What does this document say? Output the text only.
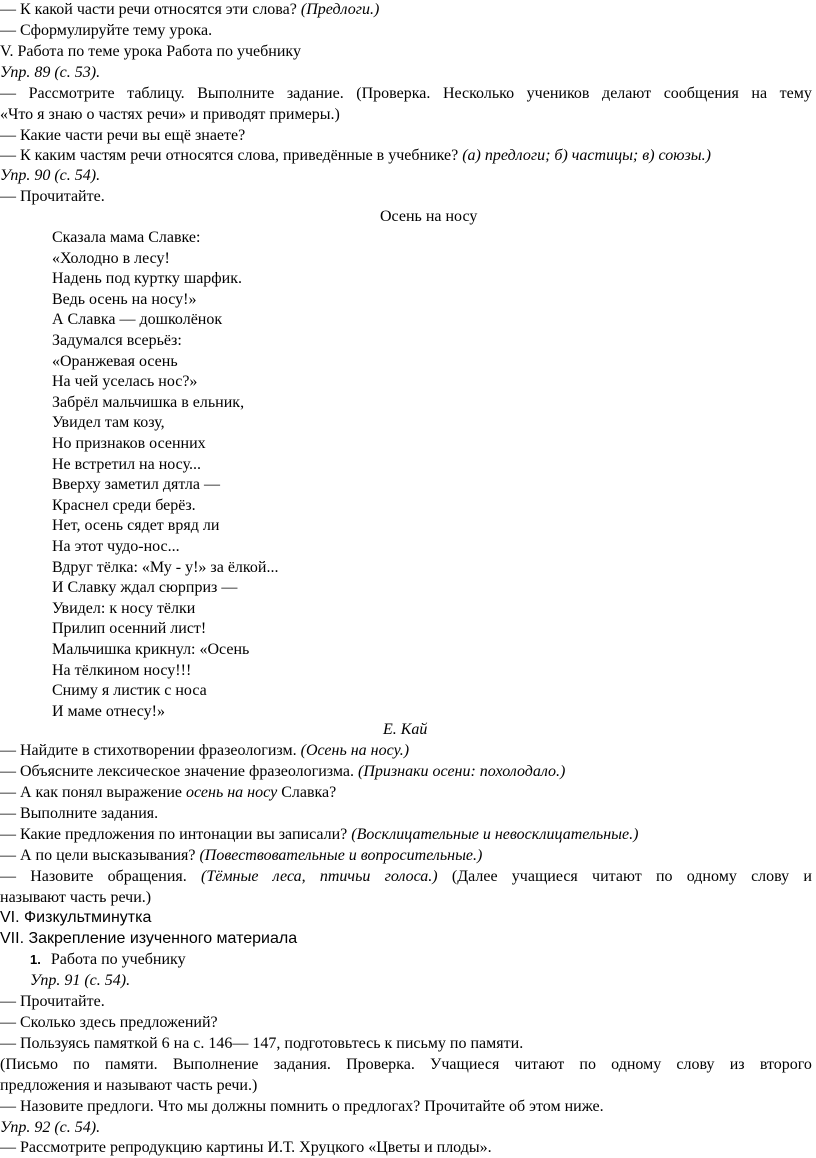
— К какой части речи относятся эти слова? (Предлоги.)
— Сформулируйте тему урока.
V. Работа по теме урока Работа по учебнику
Упр. 89 (с. 53).
— Рассмотрите таблицу. Выполните задание. (Проверка. Несколько учеников делают сообщения на тему
«Что я знаю о частях речи» и приводят примеры.)
— Какие части речи вы ещё знаете?
— К каким частям речи относятся слова, приведённые в учебнике? (а) предлоги; б) частицы; в) союзы.)
Упр. 90 (с. 54).
— Прочитайте.
Осень на носу
Сказала мама Славке:
«Холодно в лесу!
Надень под куртку шарфик.
Ведь осень на носу!»
А Славка — дошколёнок
Задумался всерьёз:
«Оранжевая осень
На чей уселась нос?»
Забрёл мальчишка в ельник,
Увидел там козу,
Но признаков осенних
Не встретил на носу...
Вверху заметил дятла —
Краснел среди берёз.
Нет, осень сядет вряд ли
На этот чудо-нос...
Вдруг тёлка: «Му - у!» за ёлкой...
И Славку ждал сюрприз —
Увидел: к носу тёлки
Прилип осенний лист!
Мальчишка крикнул: «Осень
На тёлкином носу!!!
Сниму я листик с носа
И маме отнесу!»
Е. Кай
— Найдите в стихотворении фразеологизм. (Осень на носу.)
— Объясните лексическое значение фразеологизма. (Признаки осени: похолодало.)
— А как понял выражение осень на носу Славка?
— Выполните задания.
— Какие предложения по интонации вы записали? (Восклицательные и невосклицательные.)
— А по цели высказывания? (Повествовательные и вопросительные.)
— Назовите обращения. (Тёмные леса, птичьи голоса.) (Далее учащиеся читают по одному слову и
называют часть речи.)
VI. Физкультминутка
VII. Закрепление изученного материала
1. Работа по учебнику
Упр. 91 (с. 54).
— Прочитайте.
— Сколько здесь предложений?
— Пользуясь памяткой 6 на с. 146— 147, подготовьтесь к письму по памяти.
(Письмо по памяти. Выполнение задания. Проверка. Учащиеся читают по одному слову из второго
предложения и называют часть речи.)
— Назовите предлоги. Что мы должны помнить о предлогах? Прочитайте об этом ниже.
Упр. 92 (с. 54).
— Рассмотрите репродукцию картины И.Т. Хруцкого «Цветы и плоды».
